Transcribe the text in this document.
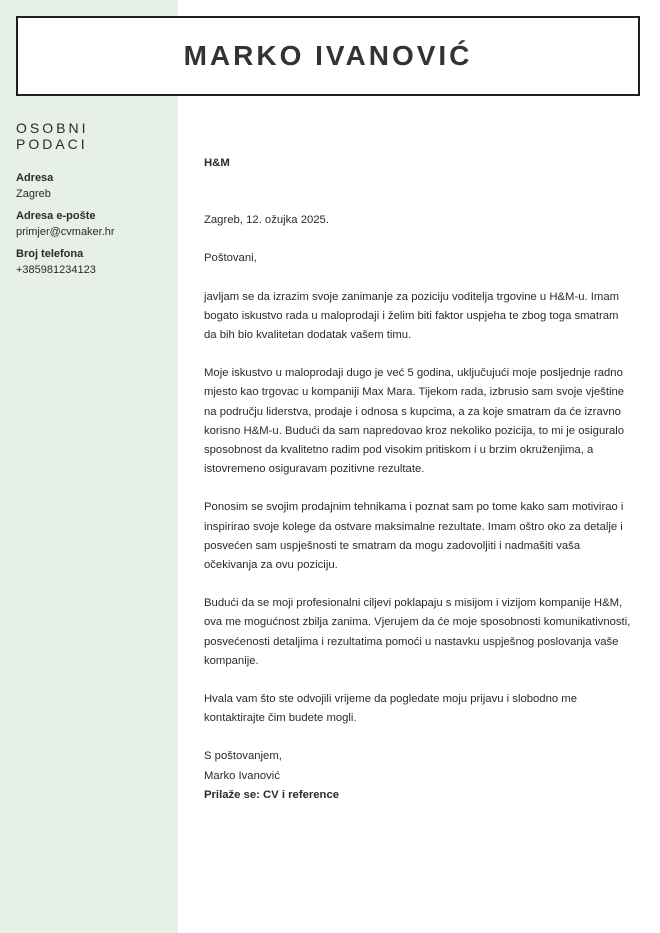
MARKO IVANOVIĆ
OSOBNI PODACI
Adresa
Zagreb
Adresa e-pošte
primjer@cvmaker.hr
Broj telefona
+385981234123

H&M

Zagreb, 12. ožujka 2025.

Poštovani,

javljam se da izrazim svoje zanimanje za poziciju voditelja trgovine u H&M-u. Imam bogato iskustvo rada u maloprodaji i želim biti faktor uspjeha te zbog toga smatram da bih bio kvalitetan dodatak vašem timu.

Moje iskustvo u maloprodaji dugo je već 5 godina, uključujući moje posljednje radno mjesto kao trgovac u kompaniji Max Mara. Tijekom rada, izbrusio sam svoje vještine na području liderstva, prodaje i odnosa s kupcima, a za koje smatram da će izravno korisno H&M-u. Budući da sam napredovao kroz nekoliko pozicija, to mi je osiguralo sposobnost da kvalitetno radim pod visokim pritiskom i u brzim okruženjima, a istovremeno osiguravam pozitivne rezultate.

Ponosim se svojim prodajnim tehnikama i poznat sam po tome kako sam motivirao i inspirirao svoje kolege da ostvare maksimalne rezultate. Imam oštro oko za detalje i posvećen sam uspješnosti te smatram da mogu zadovoljiti i nadmašiti vaša očekivanja za ovu poziciju.

Budući da se moji profesionalni ciljevi poklapaju s misijom i vizijom kompanije H&M, ova me mogućnost zbilja zanima. Vjerujem da će moje sposobnosti komunikativnosti, posvećenosti detaljima i rezultatima pomoći u nastavku uspješnog poslovanja vaše kompanije.

Hvala vam što ste odvojili vrijeme da pogledate moju prijavu i slobodno me kontaktirajte čim budete mogli.

S poštovanjem,

Marko Ivanović

Prilaže se: CV i reference
